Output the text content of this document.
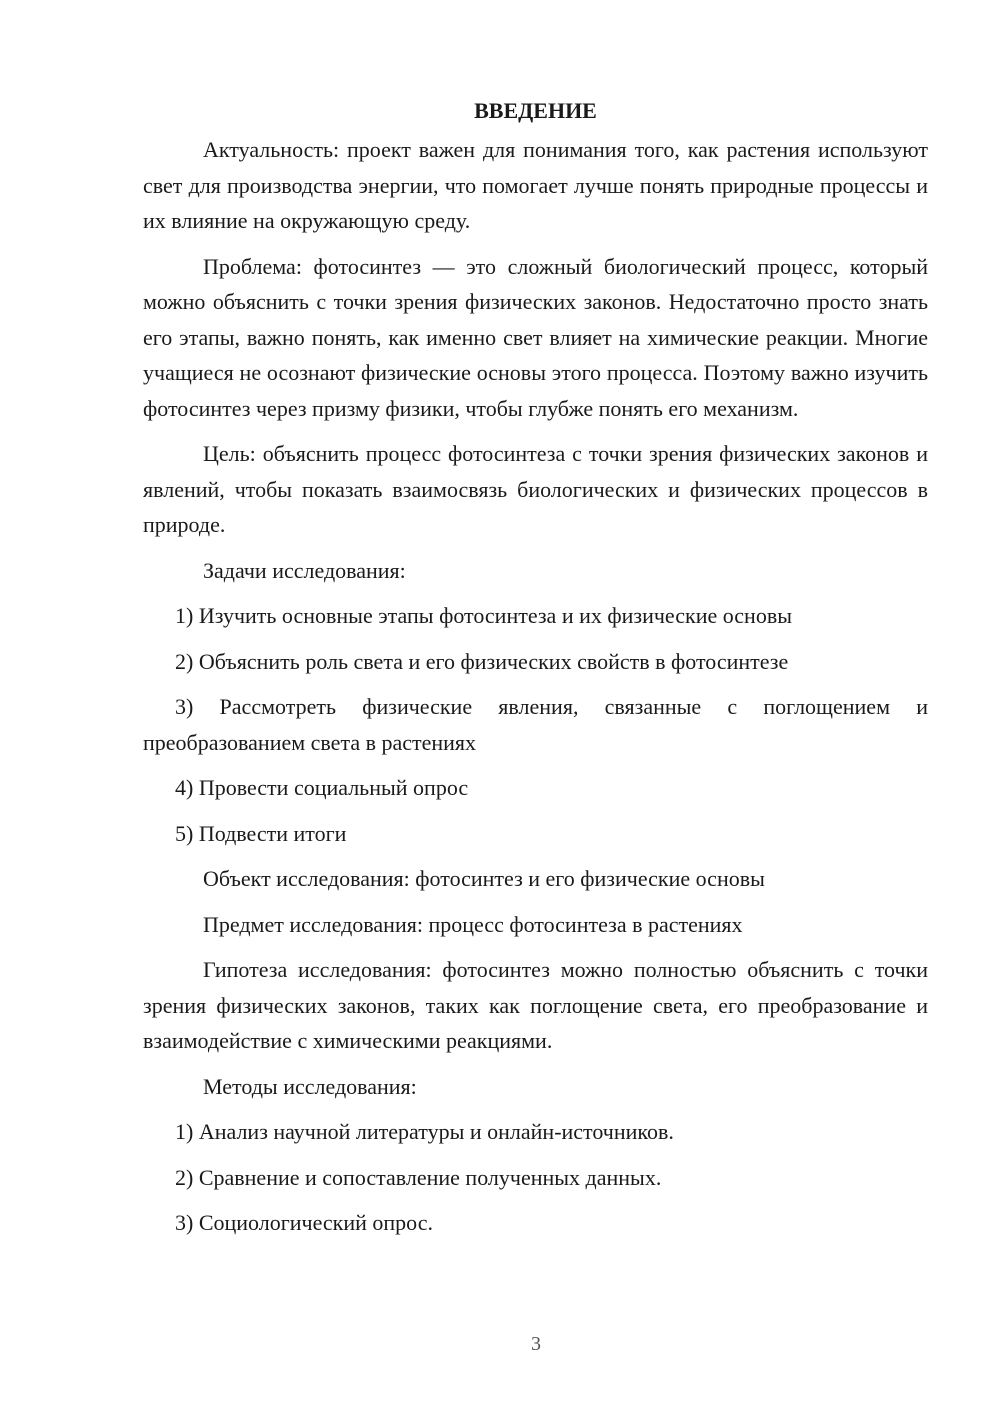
ВВЕДЕНИЕ

Актуальность: проект важен для понимания того, как растения используют свет для производства энергии, что помогает лучше понять природные процессы и их влияние на окружающую среду.

Проблема: фотосинтез — это сложный биологический процесс, который можно объяснить с точки зрения физических законов. Недостаточно просто знать его этапы, важно понять, как именно свет влияет на химические реакции. Многие учащиеся не осознают физические основы этого процесса. Поэтому важно изучить фотосинтез через призму физики, чтобы глубже понять его механизм.

Цель: объяснить процесс фотосинтеза с точки зрения физических законов и явлений, чтобы показать взаимосвязь биологических и физических процессов в природе.

Задачи исследования:

1) Изучить основные этапы фотосинтеза и их физические основы

2) Объяснить роль света и его физических свойств в фотосинтезе

3) Рассмотреть физические явления, связанные с поглощением и преобразованием света в растениях

4) Провести социальный опрос

5) Подвести итоги

Объект исследования: фотосинтез и его физические основы

Предмет исследования: процесс фотосинтеза в растениях

Гипотеза исследования: фотосинтез можно полностью объяснить с точки зрения физических законов, таких как поглощение света, его преобразование и взаимодействие с химическими реакциями.

Методы исследования:

1) Анализ научной литературы и онлайн-источников.

2) Сравнение и сопоставление полученных данных.

3) Социологический опрос.

3
